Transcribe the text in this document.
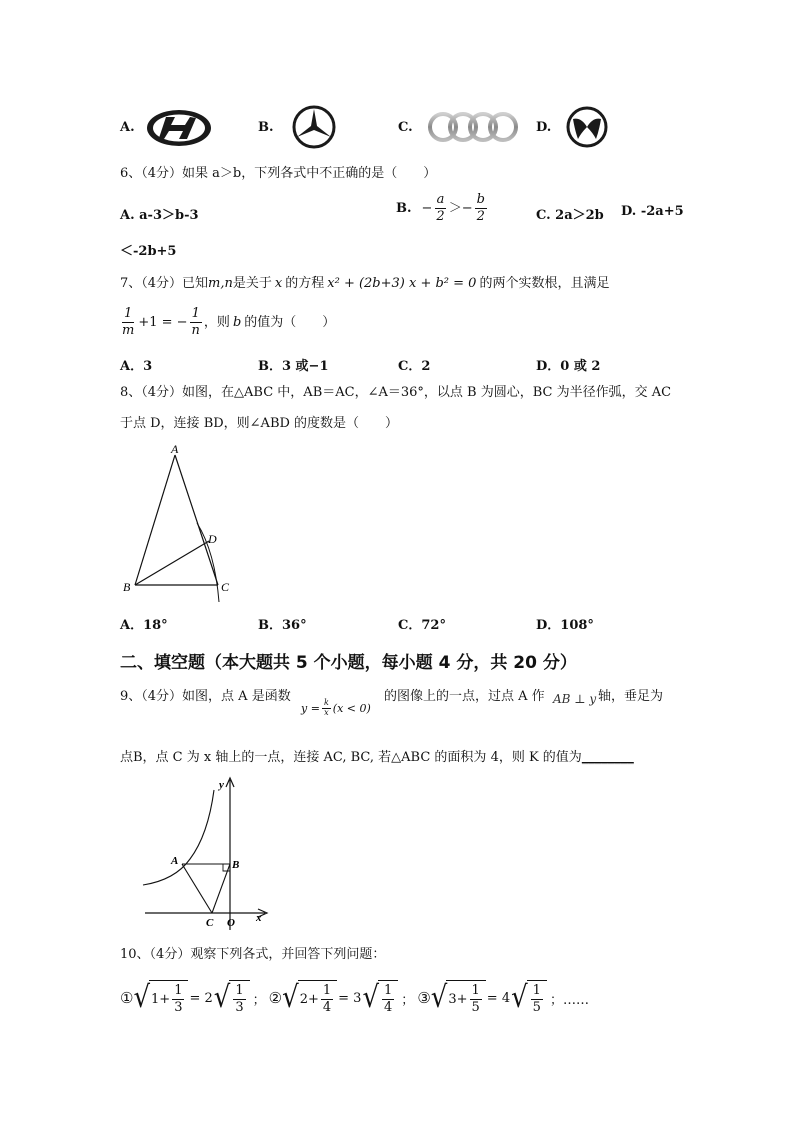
A.	B.	C.	D.
6、（4分）如果 a＞b，下列各式中不正确的是（　　）
A. a-3＞b-3	B. − $\frac{a}{2} >- \frac{b}{2}$	C. 2a＞2b D. -2a+5
＜-2b+5
7、（4分）已知m,n是关于 x 的方程 x² + (2b+3) x + b² = 0 的两个实数根，且满足
$\frac{1}{m} +1$ = − $\frac{1}{n}$ ，则 b 的值为（　　）
A．3	B．3 或−1	C．2	D．0 或 2
8、（4分）如图，在△ABC 中，AB＝AC，∠A＝36°，以点 B 为圆心，BC 为半径作弧，交 AC
于点 D，连接 BD，则∠ABD 的度数是（　　）
A
B	C
D
A．18°	B．36°	C．72°	D．108°
二、填空题（本大题共 5 个小题，每小题 4 分，共 20 分）
9、（4分）如图，点 A 是函数
$y = \frac{k}{x} (x < 0)$
的图像上的一点，过点 A 作 AB ⊥ y 轴，垂足为
点B，点 C 为 x 轴上的一点，连接 AC, BC, 若△ABC 的面积为 4，则 K 的值为________
y
A	B
C O x
10、（4分）观察下列各式，并回答下列问题：
① √ $1+ \frac{1}{3} = 2$ √ $\frac{1}{3}$ ； ② √ $2+ \frac{1}{4} = 3$ √ $\frac{1}{4}$ ； ③ √ $3+ \frac{1}{5} = 4$ √ $\frac{1}{5}$ ；……
